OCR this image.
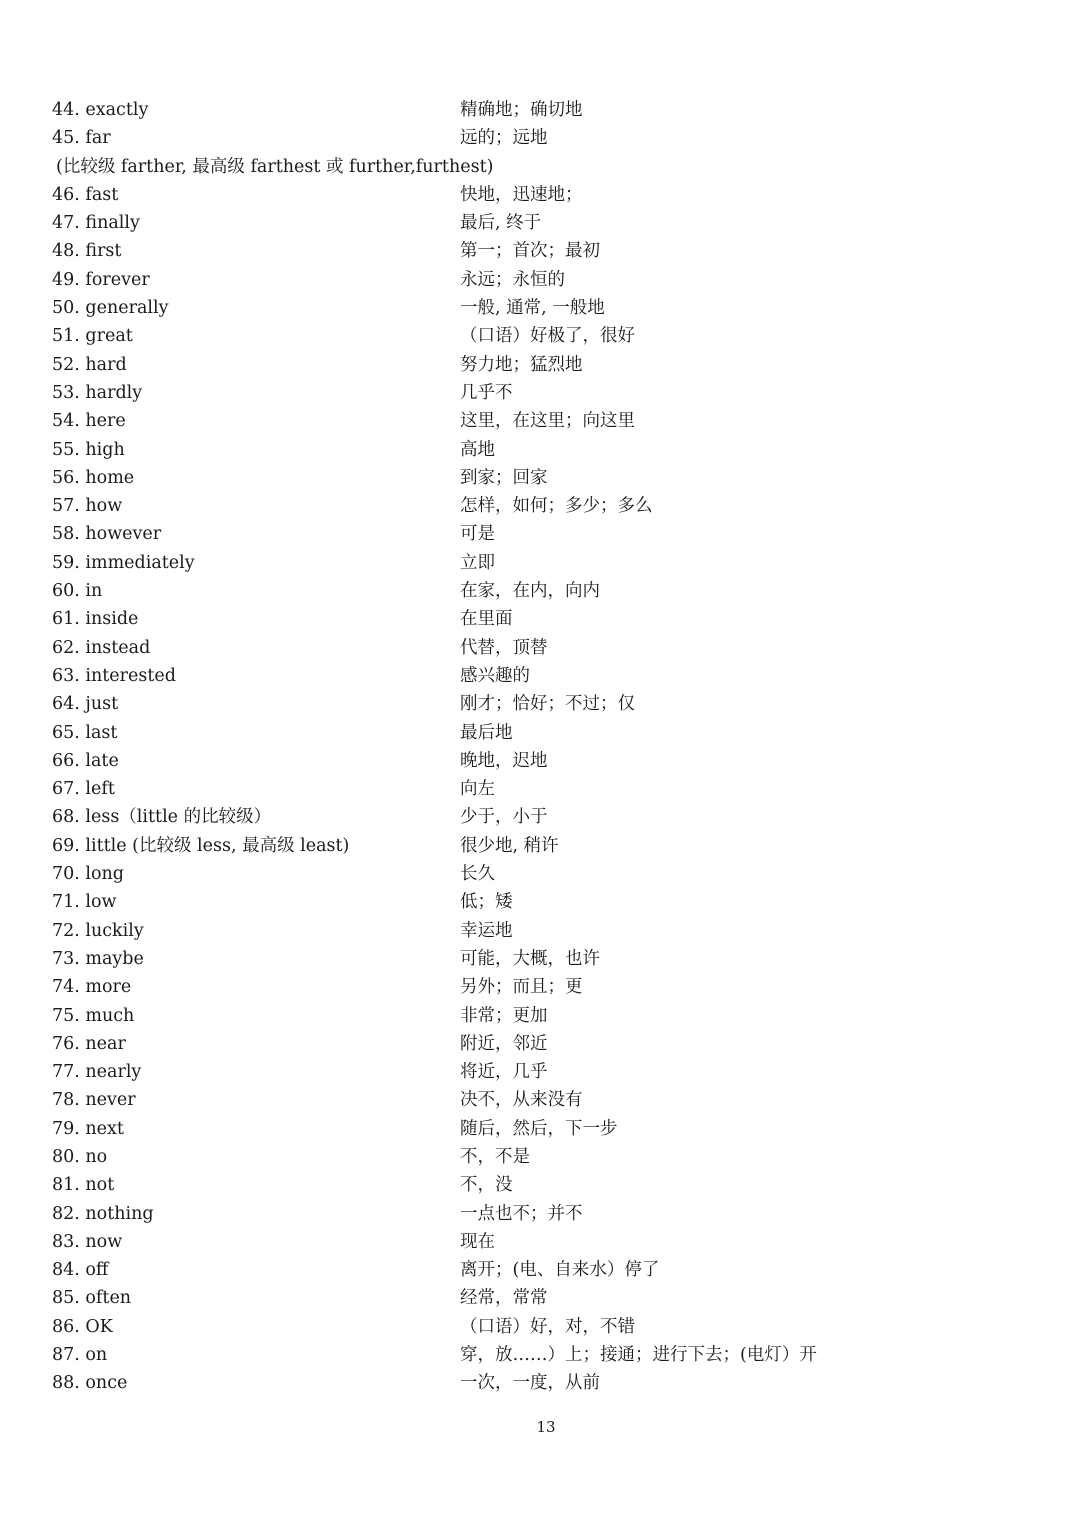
44. exactly	精确地；确切地
45. far	远的；远地
(比较级 farther, 最高级 farthest 或 further,furthest)
46. fast	快地，迅速地；
47. finally	最后, 终于
48. first	第一；首次；最初
49. forever	永远；永恒的
50. generally	一般, 通常, 一般地
51. great	（口语）好极了，很好
52. hard	努力地；猛烈地
53. hardly	几乎不
54. here	这里，在这里；向这里
55. high	高地
56. home	到家；回家
57. how	怎样，如何；多少；多么
58. however	可是
59. immediately	立即
60. in	在家，在内，向内
61. inside	在里面
62. instead	代替，顶替
63. interested	感兴趣的
64. just	刚才；恰好；不过；仅
65. last	最后地
66. late	晚地，迟地
67. left	向左
68. less（little 的比较级）	少于，小于
69. little (比较级 less, 最高级 least)	很少地, 稍许
70. long	长久
71. low	低；矮
72. luckily	幸运地
73. maybe	可能，大概，也许
74. more	另外；而且；更
75. much	非常；更加
76. near	附近，邻近
77. nearly	将近，几乎
78. never	决不，从来没有
79. next	随后，然后，下一步
80. no	不，不是
81. not	不，没
82. nothing	一点也不；并不
83. now	现在
84. off	离开；(电、自来水）停了
85. often	经常，常常
86. OK	（口语）好，对，不错
87. on	穿，放……）上；接通；进行下去；(电灯）开
88. once	一次，一度，从前
13
